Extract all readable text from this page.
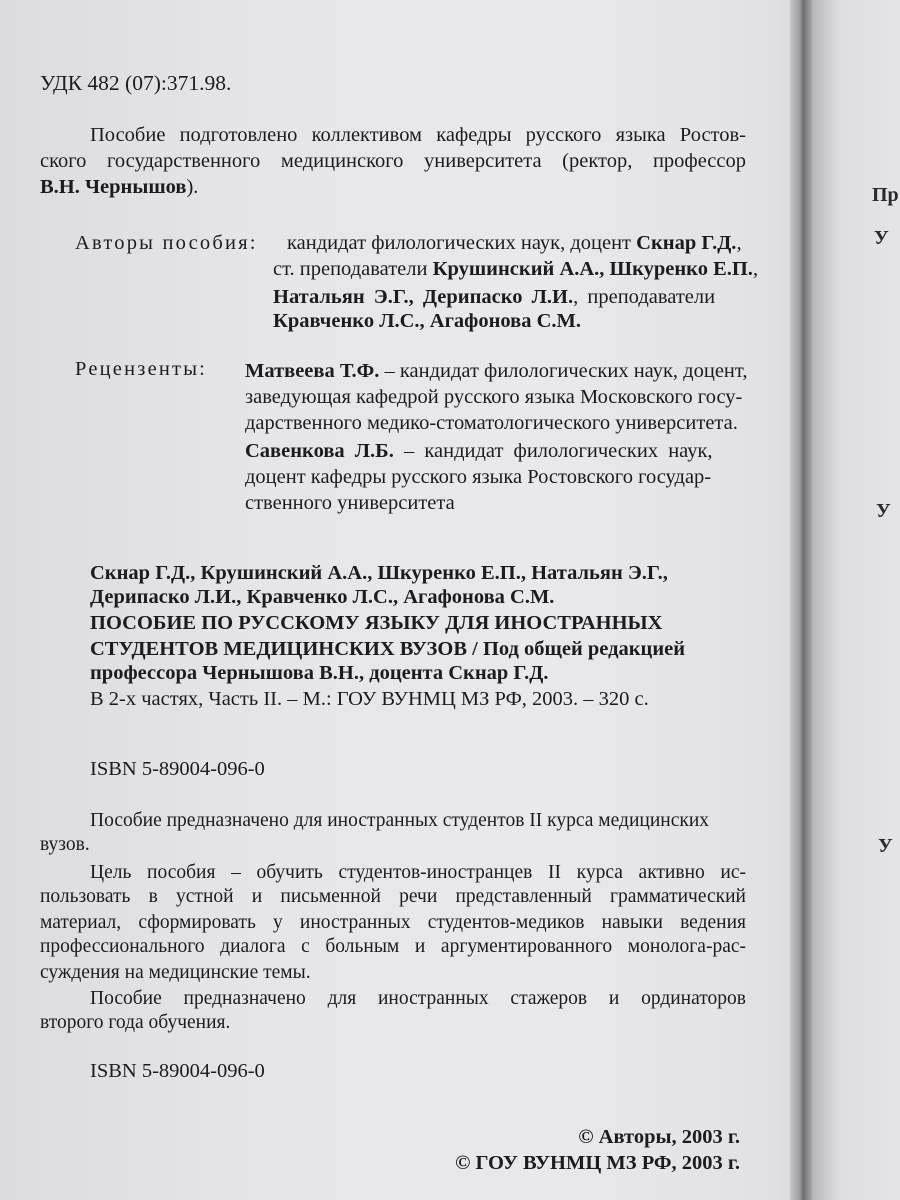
Пр
У
У
У

УДК 482 (07):371.98.

Пособие подготовлено коллективом кафедры русского языка Ростов-

ского государственного медицинского университета (ректор, профессор

В.Н. Чернышов).

Авторы пособия: кандидат филологических наук, доцент Скнар Г.Д.,

ст. преподаватели Крушинский А.А., Шкуренко Е.П.,

Натальян Э.Г., Дерипаско Л.И., преподаватели

Кравченко Л.С., Агафонова С.М.

Рецензенты: Матвеева Т.Ф. – кандидат филологических наук, доцент,

заведующая кафедрой русского языка Московского госу-

дарственного медико-стоматологического университета.

Савенкова Л.Б. – кандидат филологических наук,

доцент кафедры русского языка Ростовского государ-

ственного университета

Скнар Г.Д., Крушинский А.А., Шкуренко Е.П., Натальян Э.Г.,

Дерипаско Л.И., Кравченко Л.С., Агафонова С.М.

ПОСОБИЕ ПО РУССКОМУ ЯЗЫКУ ДЛЯ ИНОСТРАННЫХ

СТУДЕНТОВ МЕДИЦИНСКИХ ВУЗОВ / Под общей редакцией

профессора Чернышова В.Н., доцента Скнар Г.Д.

В 2-х частях, Часть II. – М.: ГОУ ВУНМЦ МЗ РФ, 2003. – 320 с.

ISBN 5-89004-096-0

Пособие предназначено для иностранных студентов II курса медицинских

вузов.

Цель пособия – обучить студентов-иностранцев II курса активно ис-

пользовать в устной и письменной речи представленный грамматический

материал, сформировать у иностранных студентов-медиков навыки ведения

профессионального диалога с больным и аргументированного монолога-рас-

суждения на медицинские темы.

Пособие предназначено для иностранных стажеров и ординаторов

второго года обучения.

ISBN 5-89004-096-0

© Авторы, 2003 г.

© ГОУ ВУНМЦ МЗ РФ, 2003 г.
